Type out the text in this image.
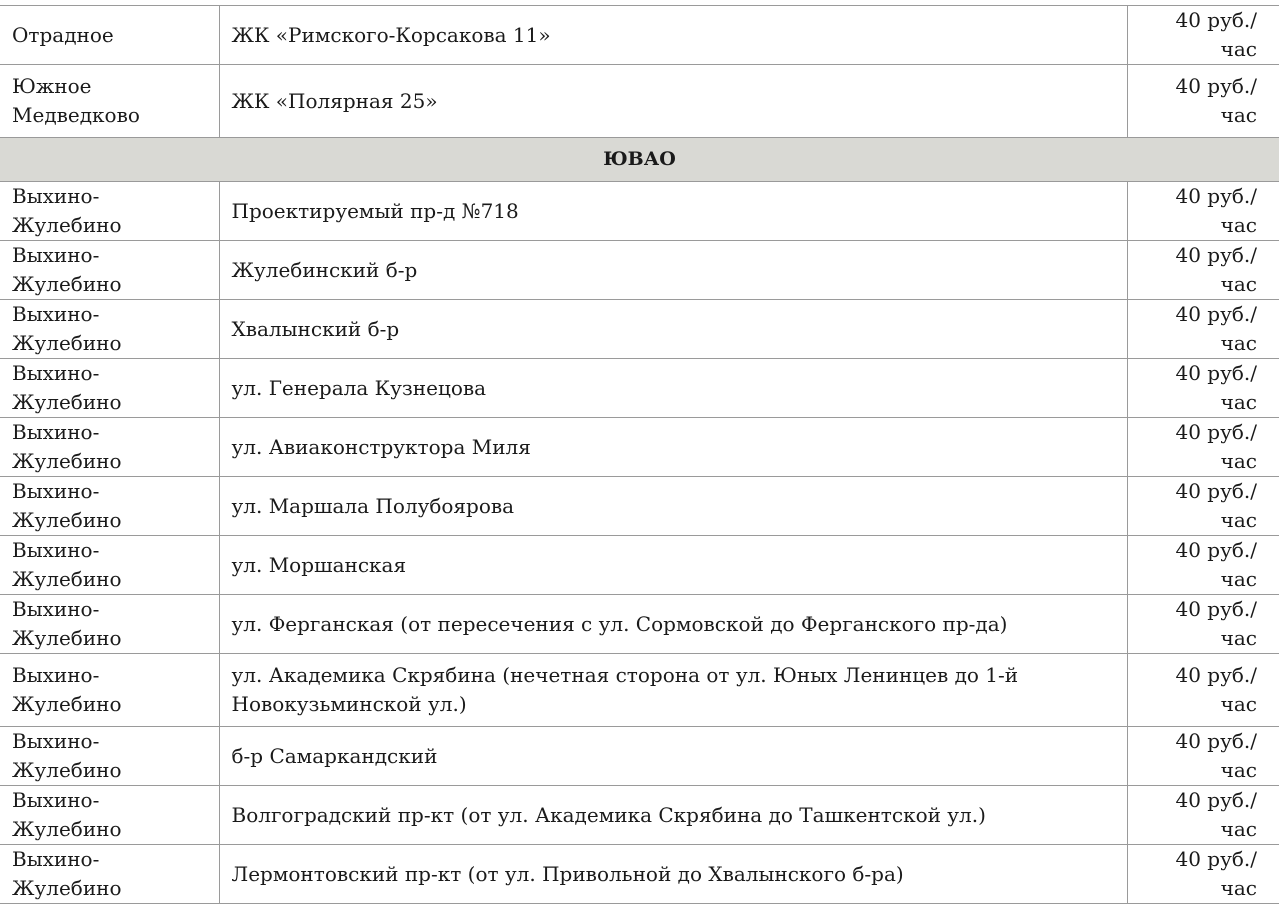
Отрадное	ЖК «Римского-Корсакова 11»	40 руб./час
Южное Медведково	ЖК «Полярная 25»	40 руб./час
ЮВАО		
Выхино-Жулебино	Проектируемый пр-д №718	40 руб./час
Выхино-Жулебино	Жулебинский б-р	40 руб./час
Выхино-Жулебино	Хвалынский б-р	40 руб./час
Выхино-Жулебино	ул. Генерала Кузнецова	40 руб./час
Выхино-Жулебино	ул. Авиаконструктора Миля	40 руб./час
Выхино-Жулебино	ул. Маршала Полубоярова	40 руб./час
Выхино-Жулебино	ул. Моршанская	40 руб./час
Выхино-Жулебино	ул. Ферганская (от пересечения с ул. Сормовской до Ферганского пр-да)	40 руб./час
Выхино-Жулебино	ул. Академика Скрябина (нечетная сторона от ул. Юных Ленинцев до 1-й Новокузьминской ул.)	40 руб./час
Выхино-Жулебино	б-р Самаркандский	40 руб./час
Выхино-Жулебино	Волгоградский пр-кт (от ул. Академика Скрябина до Ташкентской ул.)	40 руб./час
Выхино-Жулебино	Лермонтовский пр-кт (от ул. Привольной до Хвалынского б-ра)	40 руб./час
